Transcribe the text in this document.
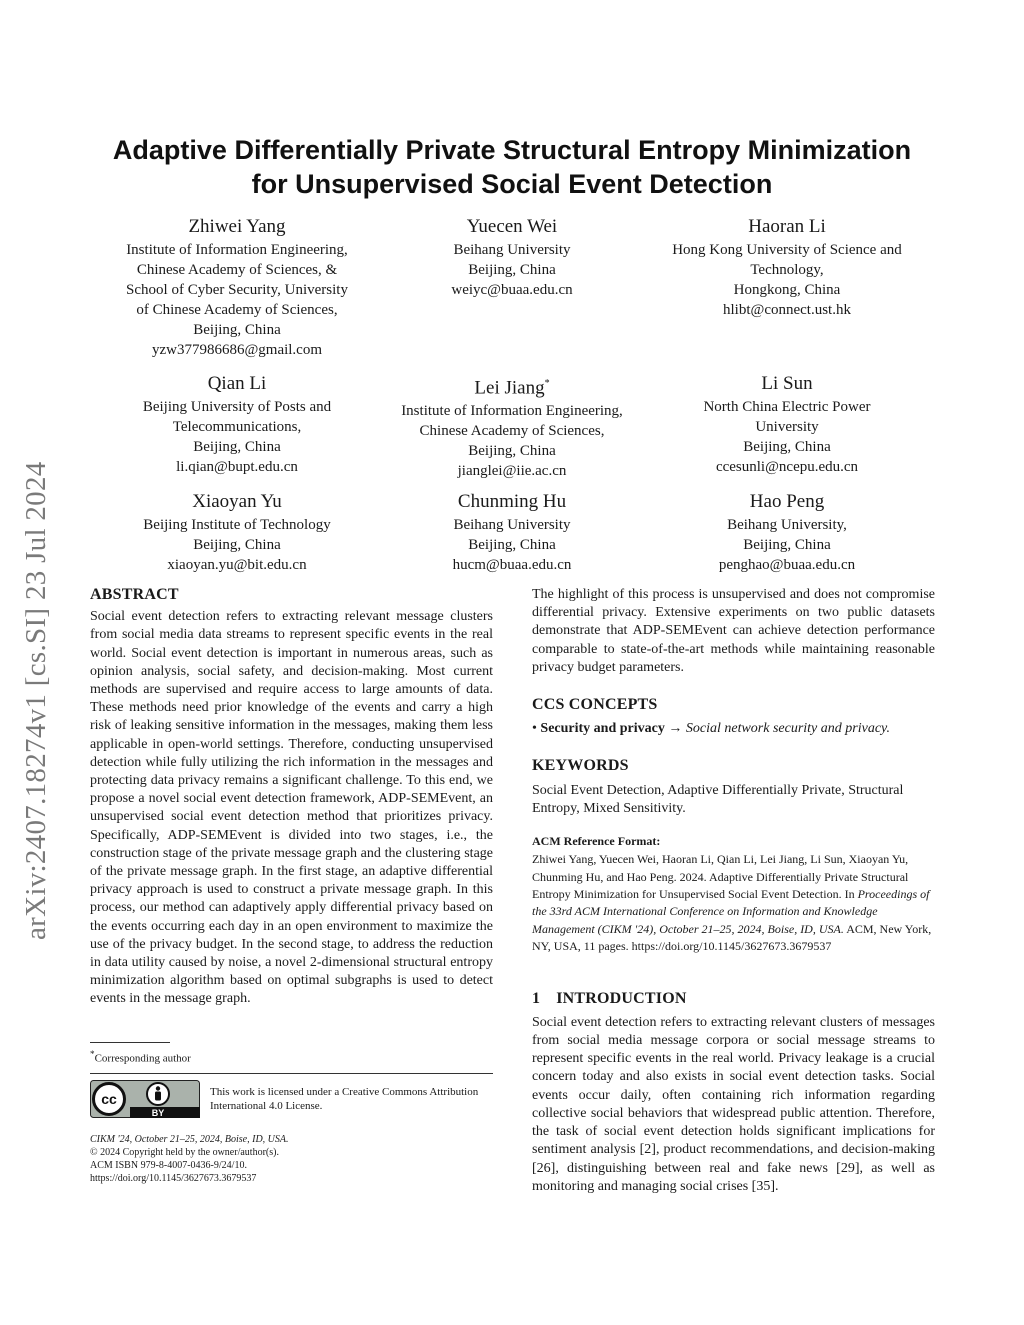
arXiv:2407.18274v1 [cs.SI] 23 Jul 2024
Adaptive Differentially Private Structural Entropy Minimization
for Unsupervised Social Event Detection
Zhiwei Yang
Institute of Information Engineering,
Chinese Academy of Sciences, &
School of Cyber Security, University
of Chinese Academy of Sciences,
Beijing, China
yzw377986686@gmail.com
Yuecen Wei
Beihang University
Beijing, China
weiyc@buaa.edu.cn
Haoran Li
Hong Kong University of Science and
Technology,
Hongkong, China
hlibt@connect.ust.hk
Qian Li
Beijing University of Posts and
Telecommunications,
Beijing, China
li.qian@bupt.edu.cn
Lei Jiang*
Institute of Information Engineering,
Chinese Academy of Sciences,
Beijing, China
jianglei@iie.ac.cn
Li Sun
North China Electric Power
University
Beijing, China
ccesunli@ncepu.edu.cn
Xiaoyan Yu
Beijing Institute of Technology
Beijing, China
xiaoyan.yu@bit.edu.cn
Chunming Hu
Beihang University
Beijing, China
hucm@buaa.edu.cn
Hao Peng
Beihang University,
Beijing, China
penghao@buaa.edu.cn
ABSTRACT

Social event detection refers to extracting relevant message clusters from social media data streams to represent specific events in the real world. Social event detection is important in numerous areas, such as opinion analysis, social safety, and decision-making. Most current methods are supervised and require access to large amounts of data. These methods need prior knowledge of the events and carry a high risk of leaking sensitive information in the messages, making them less applicable in open-world settings. Therefore, conducting unsupervised detection while fully utilizing the rich information in the messages and protecting data privacy remains a significant challenge. To this end, we propose a novel social event detection framework, ADP-SEMEvent, an unsupervised social event detection method that prioritizes privacy. Specifically, ADP-SEMEvent is divided into two stages, i.e., the construction stage of the private message graph and the clustering stage of the private message graph. In the first stage, an adaptive differential privacy approach is used to construct a private message graph. In this process, our method can adaptively apply differential privacy based on the events occurring each day in an open environment to maximize the use of the privacy budget. In the second stage, to address the reduction in data utility caused by noise, a novel 2-dimensional structural entropy minimization algorithm based on optimal subgraphs is used to detect events in the message graph.

*Corresponding author
cc
BY
This work is licensed under a Creative Commons Attribution International 4.0 License.
CIKM '24, October 21–25, 2024, Boise, ID, USA.
© 2024 Copyright held by the owner/author(s).
ACM ISBN 979-8-4007-0436-9/24/10.
https://doi.org/10.1145/3627673.3679537

The highlight of this process is unsupervised and does not compromise differential privacy. Extensive experiments on two public datasets demonstrate that ADP-SEMEvent can achieve detection performance comparable to state-of-the-art methods while maintaining reasonable privacy budget parameters.

CCS CONCEPTS
• Security and privacy → Social network security and privacy.
KEYWORDS

Social Event Detection, Adaptive Differentially Private, Structural Entropy, Mixed Sensitivity.

ACM Reference Format:
Zhiwei Yang, Yuecen Wei, Haoran Li, Qian Li, Lei Jiang, Li Sun, Xiaoyan Yu, Chunming Hu, and Hao Peng. 2024. Adaptive Differentially Private Structural Entropy Minimization for Unsupervised Social Event Detection. In Proceedings of the 33rd ACM International Conference on Information and Knowledge Management (CIKM '24), October 21–25, 2024, Boise, ID, USA. ACM, New York, NY, USA, 11 pages. https://doi.org/10.1145/3627673.3679537
1 INTRODUCTION

Social event detection refers to extracting relevant clusters of messages from social media message corpora or social message streams to represent specific events in the real world. Privacy leakage is a crucial concern today and also exists in social event detection tasks. Social events occur daily, often containing rich information regarding collective social behaviors that widespread public attention. Therefore, the task of social event detection holds significant implications for sentiment analysis [2], product recommendations, and decision-making [26], distinguishing between real and fake news [29], as well as monitoring and managing social crises [35].
